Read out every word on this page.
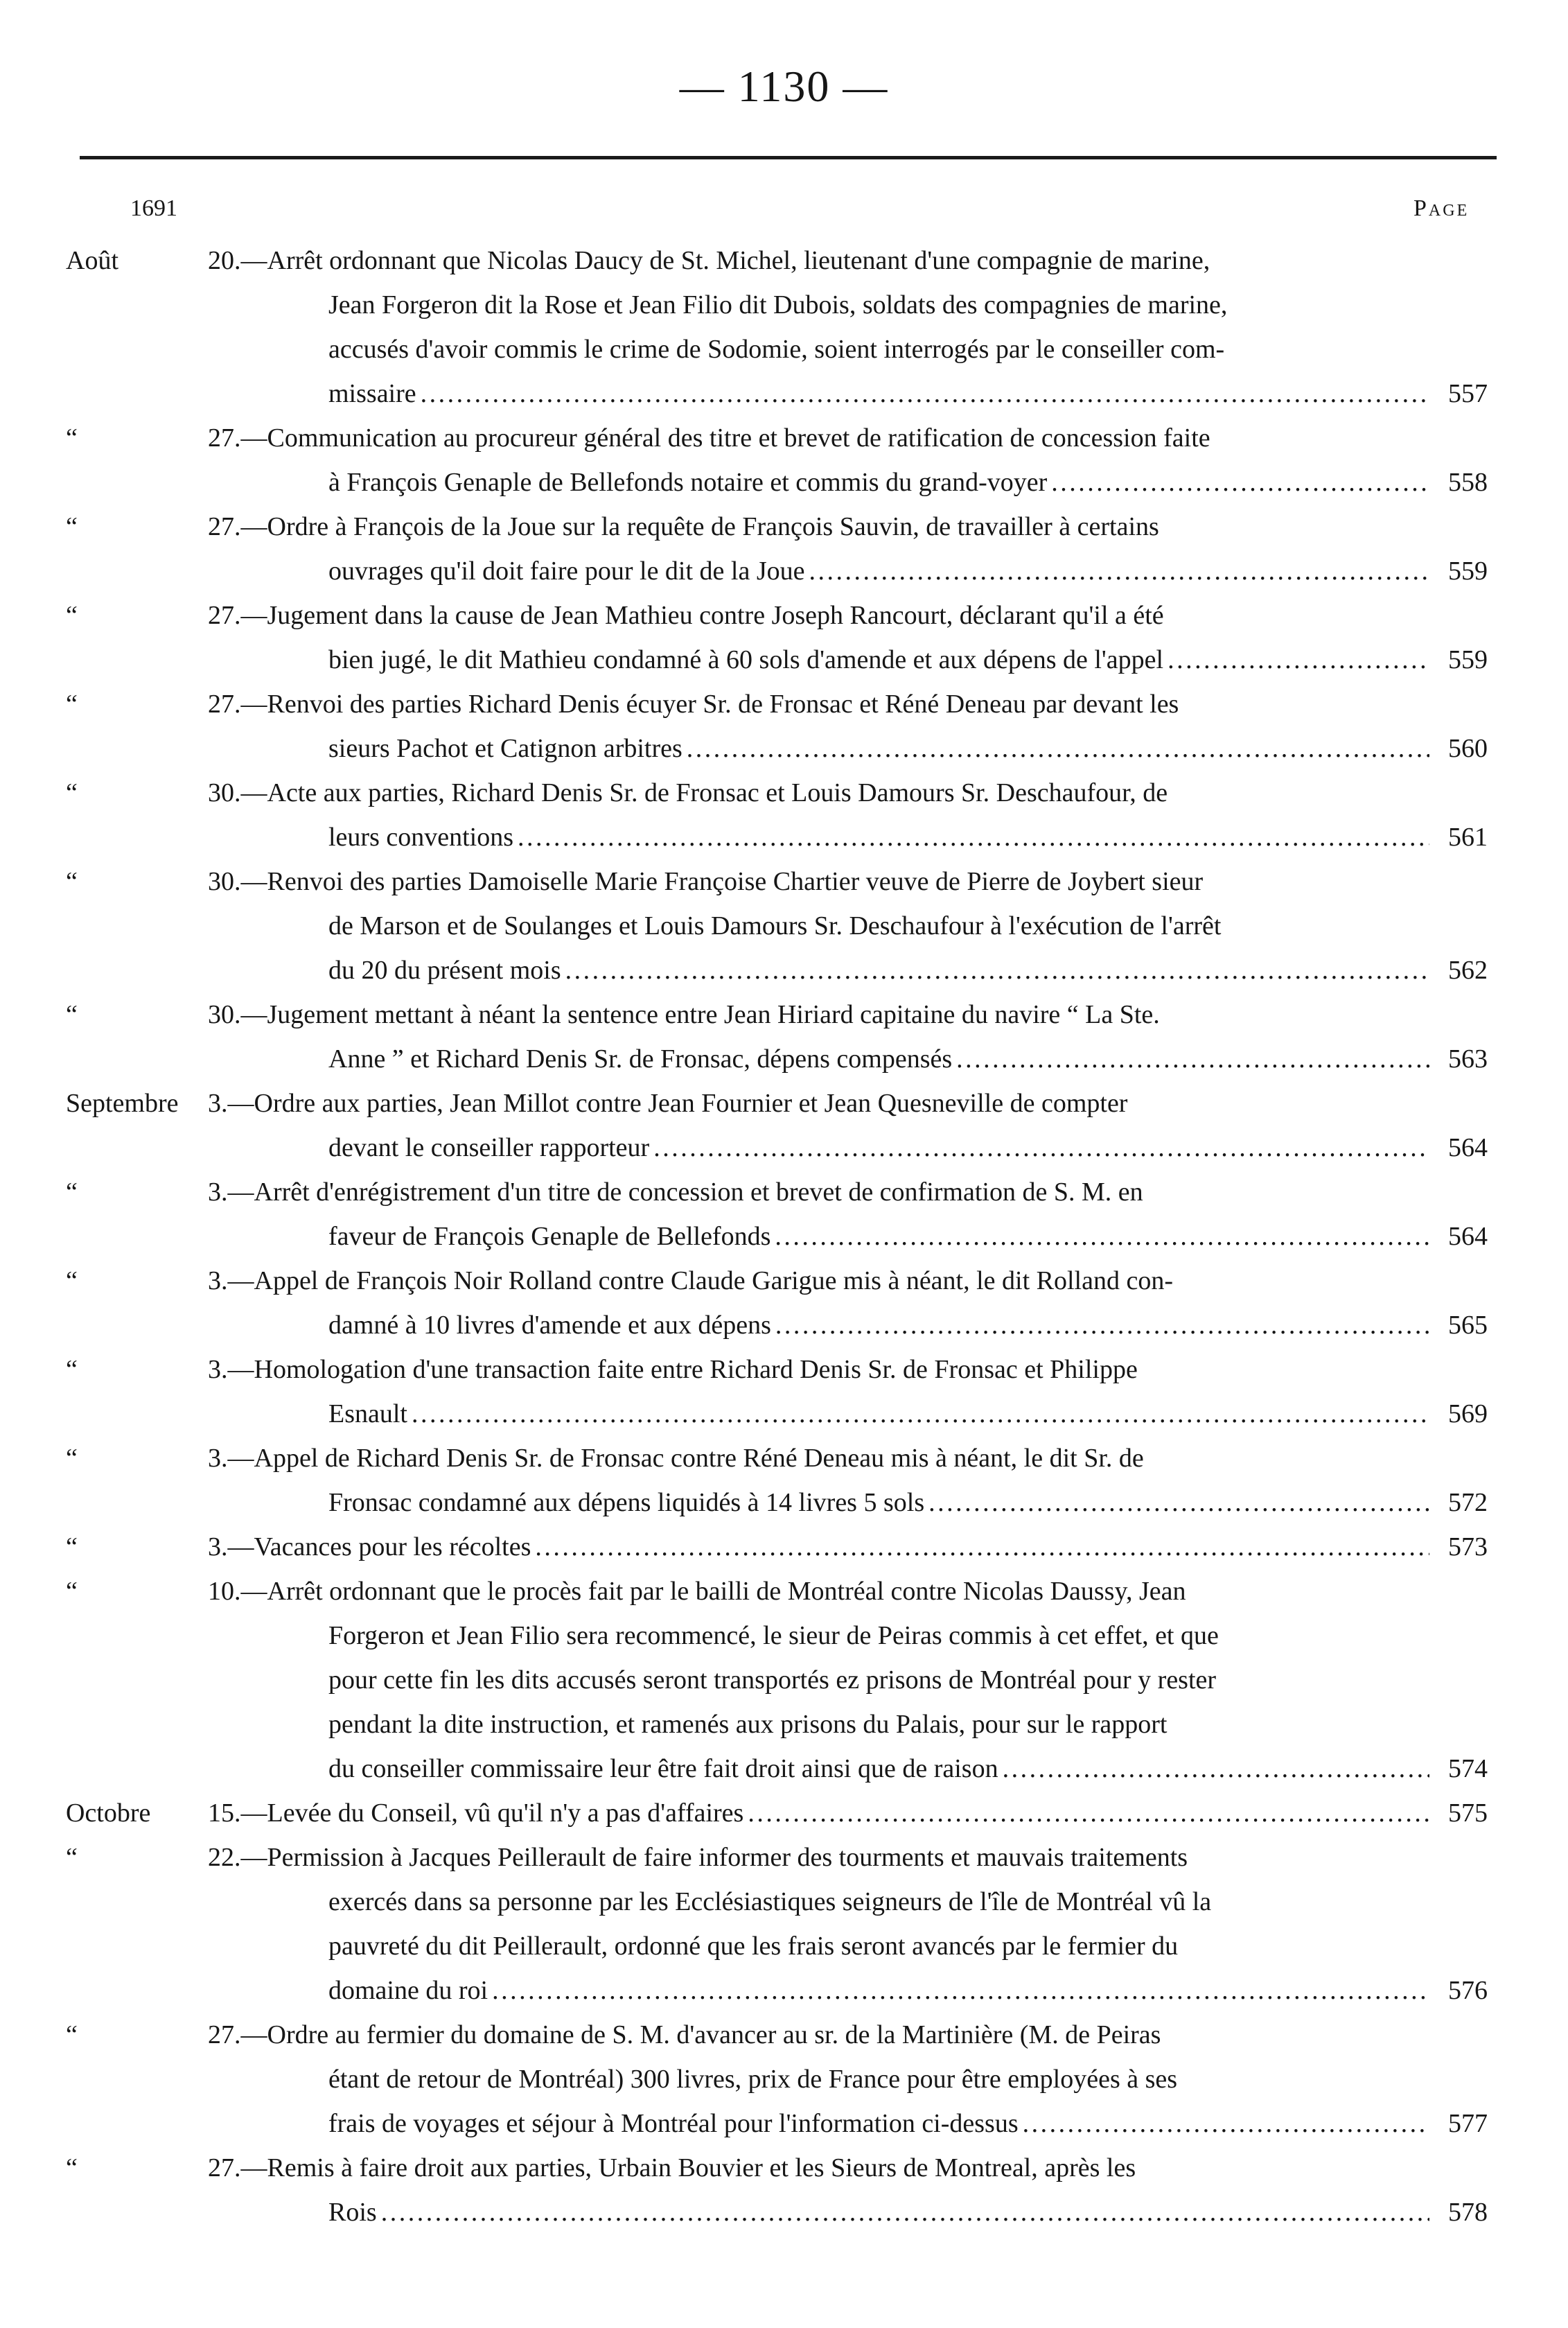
— 1130 —
1691	Page
Août	20.—Arrêt ordonnant que Nicolas Daucy de St. Michel, lieutenant d'une compagnie de marine,
Jean Forgeron dit la Rose et Jean Filio dit Dubois, soldats des compagnies de marine,
accusés d'avoir commis le crime de Sodomie, soient interrogés par le conseiller com-
missaire . . .	557
“	27.—Communication au procureur général des titre et brevet de ratification de concession faite
à François Genaple de Bellefonds notaire et commis du grand-voyer . . .	558
“	27.—Ordre à François de la Joue sur la requête de François Sauvin, de travailler à certains
ouvrages qu'il doit faire pour le dit de la Joue . . .	559
“	27.—Jugement dans la cause de Jean Mathieu contre Joseph Rancourt, déclarant qu'il a été
bien jugé, le dit Mathieu condamné à 60 sols d'amende et aux dépens de l'appel . . .	559
“	27.—Renvoi des parties Richard Denis écuyer Sr. de Fronsac et Réné Deneau par devant les
sieurs Pachot et Catignon arbitres . . .	560
“	30.—Acte aux parties, Richard Denis Sr. de Fronsac et Louis Damours Sr. Deschaufour, de
leurs conventions . . .	561
“	30.—Renvoi des parties Damoiselle Marie Françoise Chartier veuve de Pierre de Joybert sieur
de Marson et de Soulanges et Louis Damours Sr. Deschaufour à l'exécution de l'arrêt
du 20 du présent mois . . .	562
“	30.—Jugement mettant à néant la sentence entre Jean Hiriard capitaine du navire “ La Ste.
Anne ” et Richard Denis Sr. de Fronsac, dépens compensés . . .	563
Septembre 3.—Ordre aux parties, Jean Millot contre Jean Fournier et Jean Quesneville de compter
devant le conseiller rapporteur . . .	564
“	3.—Arrêt d'enrégistrement d'un titre de concession et brevet de confirmation de S. M. en
faveur de François Genaple de Bellefonds . . .	564
“	3.—Appel de François Noir Rolland contre Claude Garigue mis à néant, le dit Rolland con-
damné à 10 livres d'amende et aux dépens . . .	565
“	3.—Homologation d'une transaction faite entre Richard Denis Sr. de Fronsac et Philippe
Esnault . . .	569
“	3.—Appel de Richard Denis Sr. de Fronsac contre Réné Deneau mis à néant, le dit Sr. de
Fronsac condamné aux dépens liquidés à 14 livres 5 sols . . .	572
“	3.—Vacances pour les récoltes . . .	573
“	10.—Arrêt ordonnant que le procès fait par le bailli de Montréal contre Nicolas Daussy, Jean
Forgeron et Jean Filio sera recommencé, le sieur de Peiras commis à cet effet, et que
pour cette fin les dits accusés seront transportés ez prisons de Montréal pour y rester
pendant la dite instruction, et ramenés aux prisons du Palais, pour sur le rapport
du conseiller commissaire leur être fait droit ainsi que de raison . . .	574
Octobre 15.—Levée du Conseil, vû qu'il n'y a pas d'affaires . . .	575
“	22.—Permission à Jacques Peillerault de faire informer des tourments et mauvais traitements
exercés dans sa personne par les Ecclésiastiques seigneurs de l'île de Montréal vû la
pauvreté du dit Peillerault, ordonné que les frais seront avancés par le fermier du
domaine du roi . . .	576
“	27.—Ordre au fermier du domaine de S. M. d'avancer au sr. de la Martinière (M. de Peiras
étant de retour de Montréal) 300 livres, prix de France pour être employées à ses
frais de voyages et séjour à Montréal pour l'information ci-dessus . . .	577
“	27.—Remis à faire droit aux parties, Urbain Bouvier et les Sieurs de Montreal, après les
Rois . . .	578
